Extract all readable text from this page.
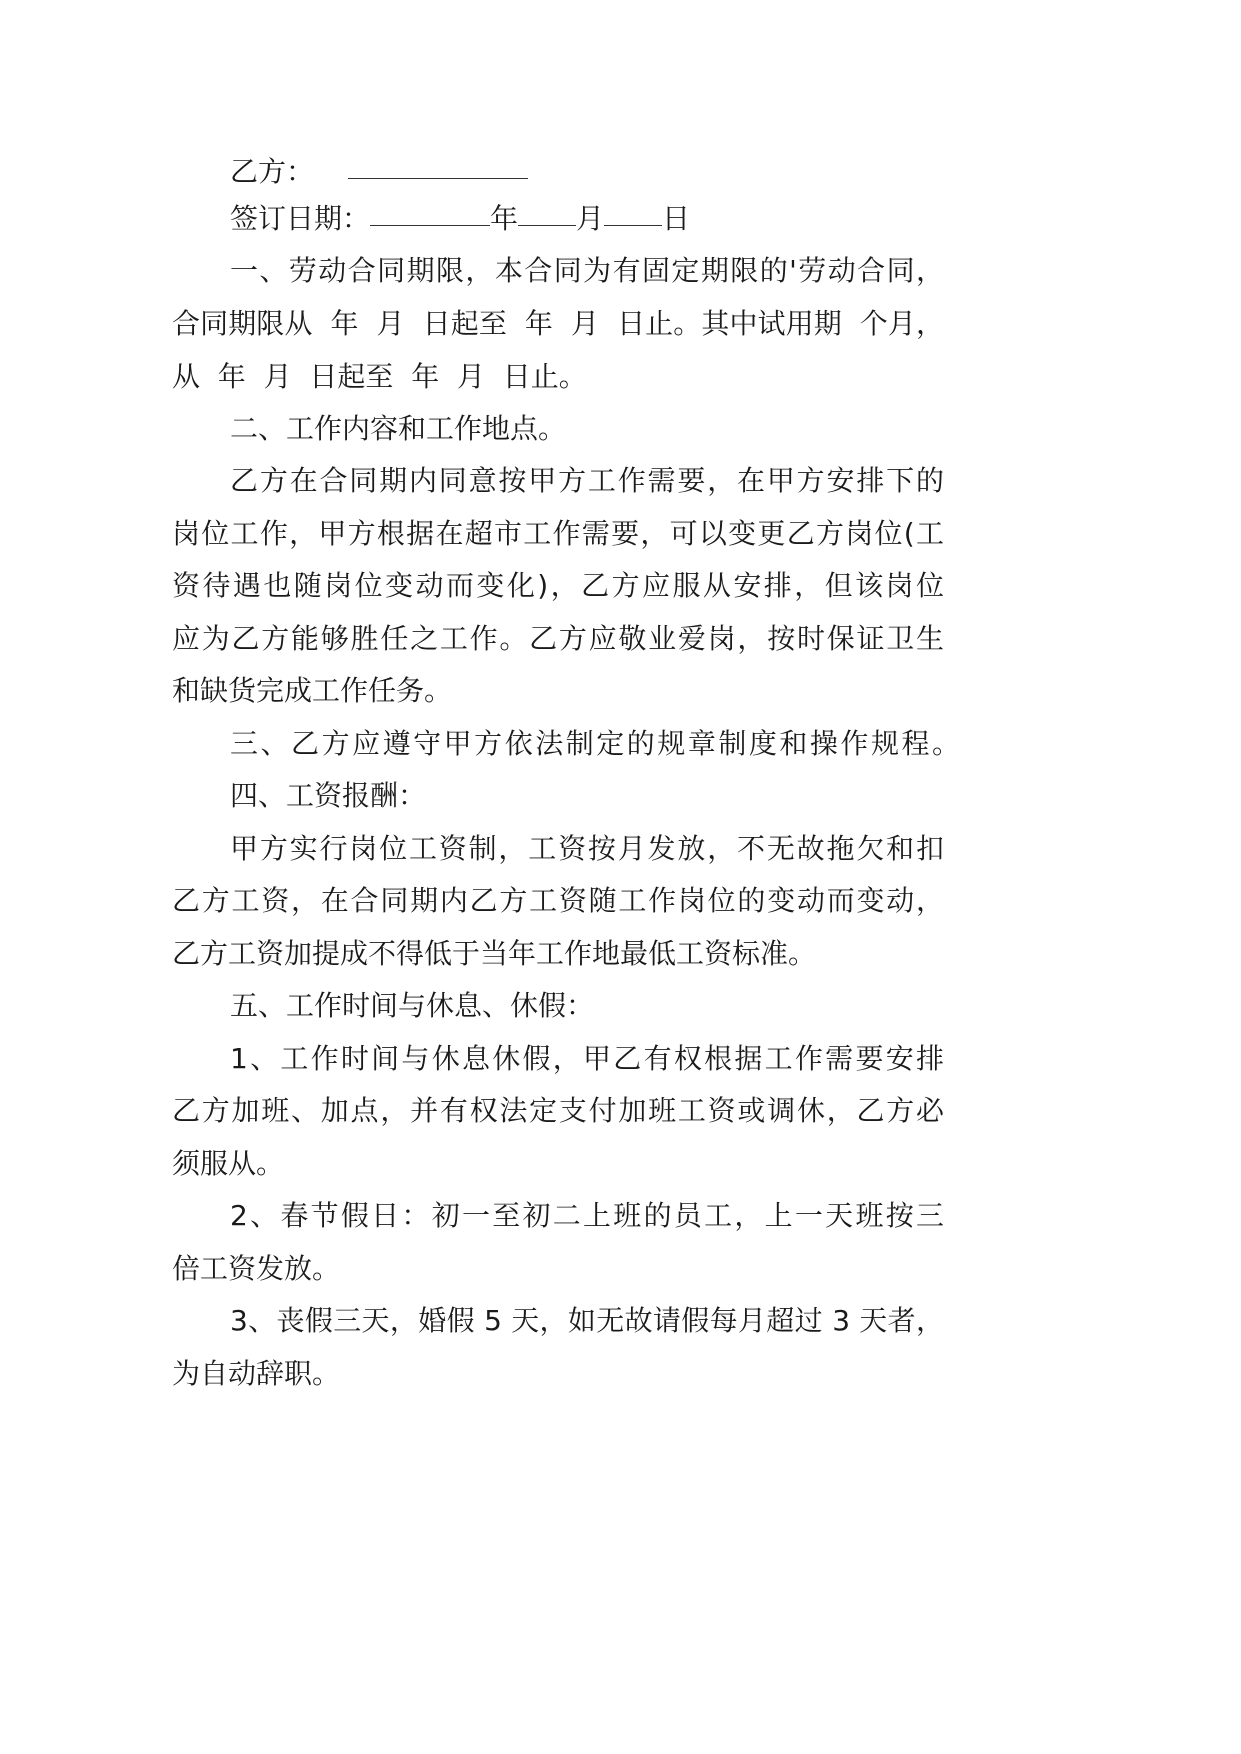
乙方：
签订日期：	年 月 日
一、劳动合同期限，本合同为有固定期限的'劳动合同，
合同期限从  年  月  日起至  年  月  日止。其中试用期  个月，
从  年  月  日起至  年  月  日止。
二、工作内容和工作地点。
乙方在合同期内同意按甲方工作需要，在甲方安排下的
岗位工作，甲方根据在超市工作需要，可以变更乙方岗位(工
资待遇也随岗位变动而变化)，乙方应服从安排，但该岗位
应为乙方能够胜任之工作。乙方应敬业爱岗，按时保证卫生
和缺货完成工作任务。
三、乙方应遵守甲方依法制定的规章制度和操作规程。
四、工资报酬：
甲方实行岗位工资制，工资按月发放，不无故拖欠和扣
乙方工资，在合同期内乙方工资随工作岗位的变动而变动，
乙方工资加提成不得低于当年工作地最低工资标准。
五、工作时间与休息、休假：
1、工作时间与休息休假，甲乙有权根据工作需要安排
乙方加班、加点，并有权法定支付加班工资或调休，乙方必
须服从。
2、春节假日：初一至初二上班的员工，上一天班按三
倍工资发放。
3、丧假三天，婚假 5 天，如无故请假每月超过 3 天者，
为自动辞职。
